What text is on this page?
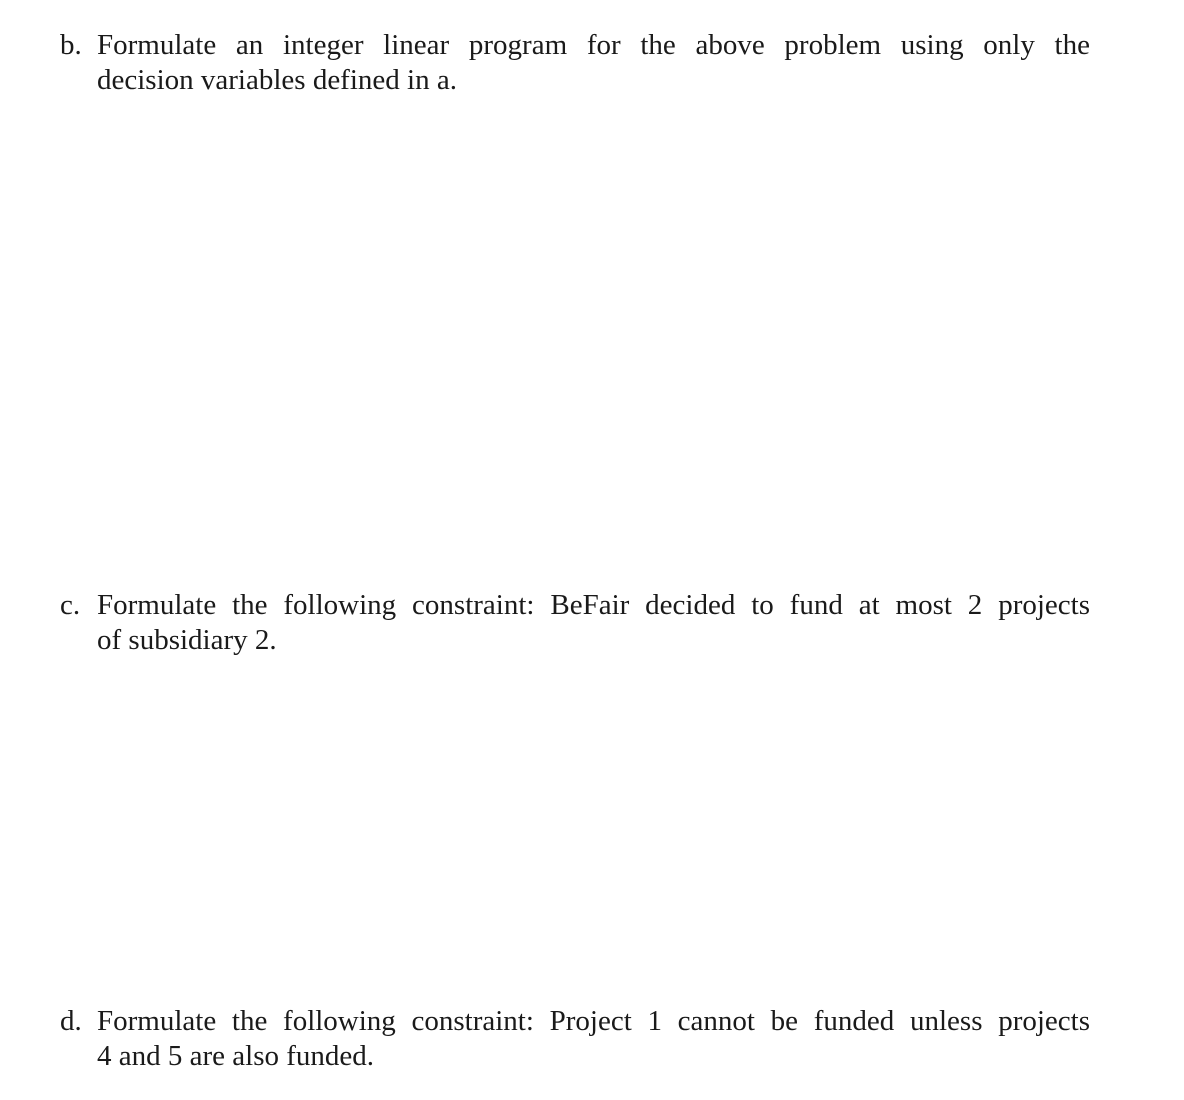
b. Formulate an integer linear program for the above problem using only the
decision variables defined in a.
c. Formulate the following constraint: BeFair decided to fund at most 2 projects
of subsidiary 2.
d. Formulate the following constraint: Project 1 cannot be funded unless projects
4 and 5 are also funded.
